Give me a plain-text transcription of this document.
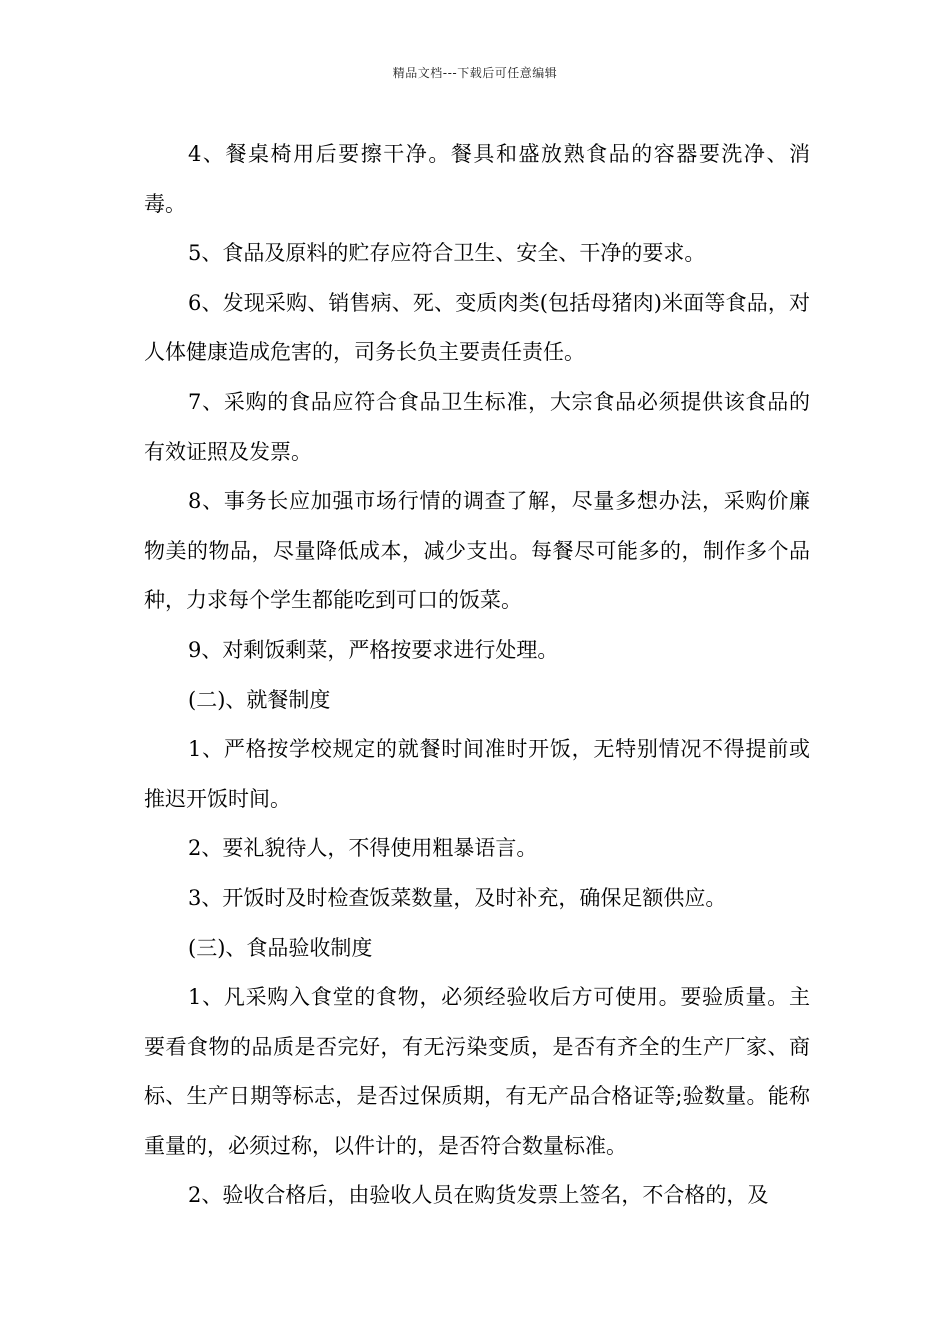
精品文档---下载后可任意编辑

4、餐桌椅用后要擦干净。餐具和盛放熟食品的容器要洗净、消毒。

5、食品及原料的贮存应符合卫生、安全、干净的要求。

6、发现采购、销售病、死、变质肉类(包括母猪肉)米面等食品，对人体健康造成危害的，司务长负主要责任责任。

7、采购的食品应符合食品卫生标准，大宗食品必须提供该食品的有效证照及发票。

8、事务长应加强市场行情的调查了解，尽量多想办法，采购价廉物美的物品，尽量降低成本，减少支出。每餐尽可能多的，制作多个品种，力求每个学生都能吃到可口的饭菜。

9、对剩饭剩菜，严格按要求进行处理。

(二)、就餐制度

1、严格按学校规定的就餐时间准时开饭，无特别情况不得提前或推迟开饭时间。

2、要礼貌待人，不得使用粗暴语言。

3、开饭时及时检查饭菜数量，及时补充，确保足额供应。

(三)、食品验收制度

1、凡采购入食堂的食物，必须经验收后方可使用。要验质量。主要看食物的品质是否完好，有无污染变质，是否有齐全的生产厂家、商标、生产日期等标志，是否过保质期，有无产品合格证等;验数量。能称重量的，必须过称，以件计的，是否符合数量标准。

2、验收合格后，由验收人员在购货发票上签名，不合格的，及
